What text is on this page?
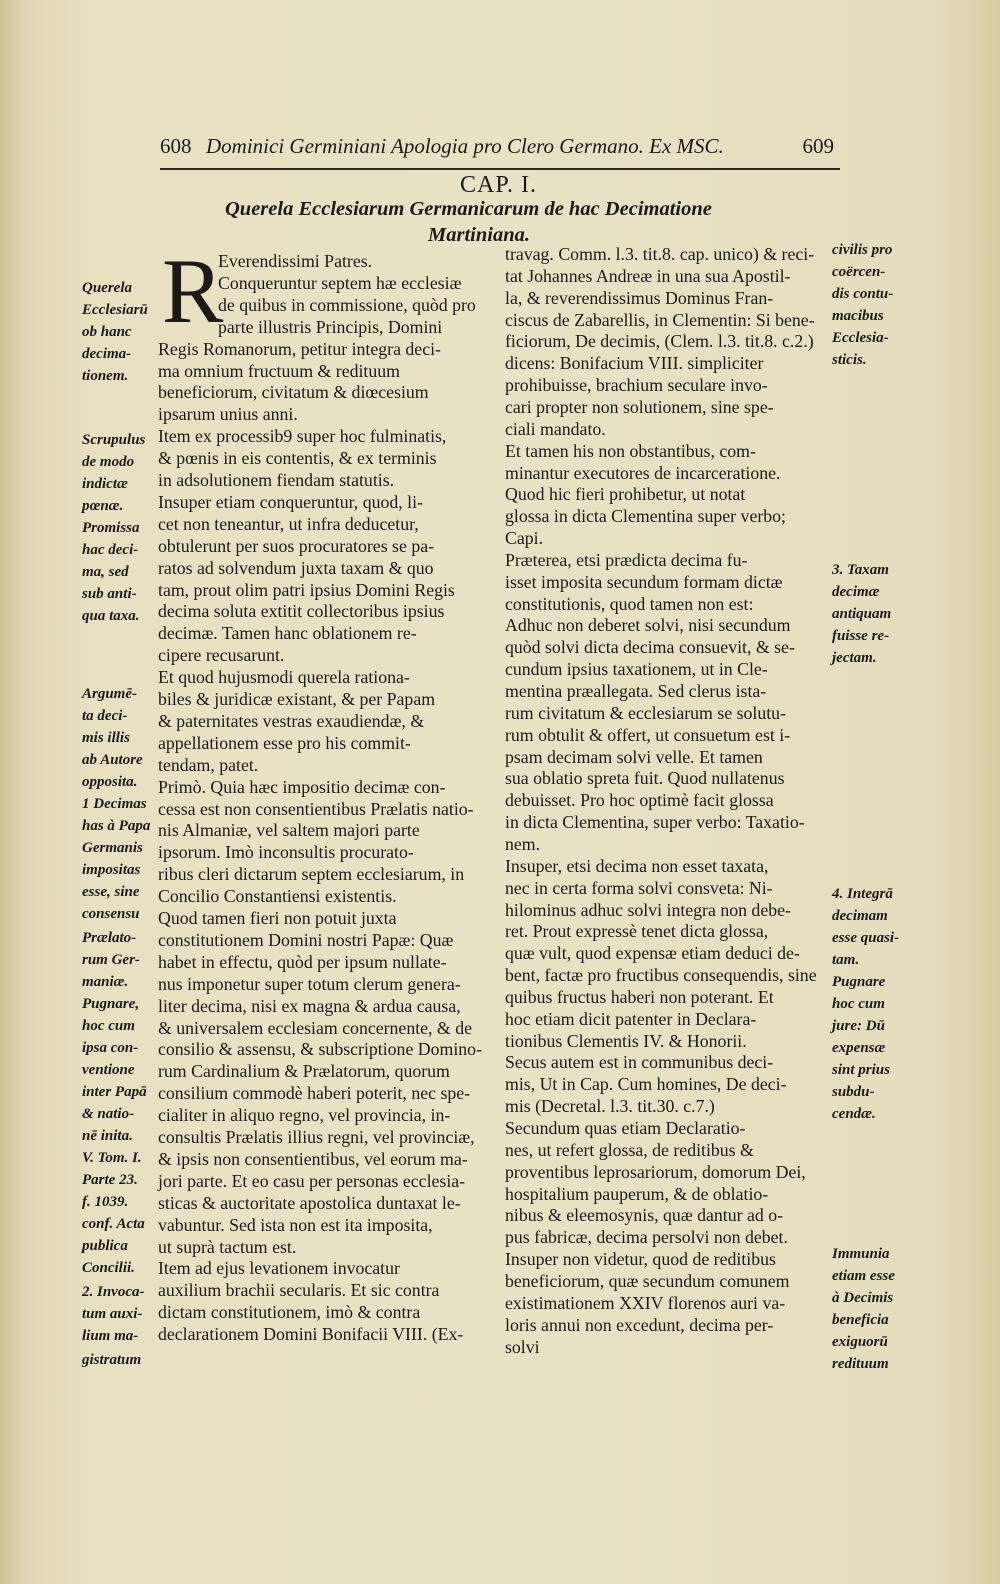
608 Dominici Germiniani Apologia pro Clero Germano. Ex MSC.	609
CAP. I.
Querela Ecclesiarum Germanicarum de hac Decimatione
Martiniana.
R
Everendissimi Patres.
Conqueruntur septem hæ ecclesiæ
de quibus in commissione, quòd pro
parte illustris Principis, Domini
Regis Romanorum, petitur integra deci-
ma omnium fructuum & redituum
beneficiorum, civitatum & diœcesium
ipsarum unius anni.
Item ex processib9 super hoc fulminatis,
& pœnis in eis contentis, & ex terminis
in adsolutionem fiendam statutis.
Insuper etiam conqueruntur, quod, li-
cet non teneantur, ut infra deducetur,
obtulerunt per suos procuratores se pa-
ratos ad solvendum juxta taxam & quo
tam, prout olim patri ipsius Domini Regis
decima soluta extitit collectoribus ipsius
decimæ. Tamen hanc oblationem re-
cipere recusarunt.
Et quod hujusmodi querela rationa-
biles & juridicæ existant, & per Papam
& paternitates vestras exaudiendæ, &
appellationem esse pro his commit-
tendam, patet.
Primò. Quia hæc impositio decimæ con-
cessa est non consentientibus Prælatis natio-
nis Almaniæ, vel saltem majori parte
ipsorum. Imò inconsultis procurato-
ribus cleri dictarum septem ecclesiarum, in
Concilio Constantiensi existentis.
Quod tamen fieri non potuit juxta
constitutionem Domini nostri Papæ: Quæ
habet in effectu, quòd per ipsum nullate-
nus imponetur super totum clerum genera-
liter decima, nisi ex magna & ardua causa,
& universalem ecclesiam concernente, & de
consilio & assensu, & subscriptione Domino-
rum Cardinalium & Prælatorum, quorum
consilium commodè haberi poterit, nec spe-
cialiter in aliquo regno, vel provincia, in-
consultis Prælatis illius regni, vel provinciæ,
& ipsis non consentientibus, vel eorum ma-
jori parte. Et eo casu per personas ecclesia-
sticas & auctoritate apostolica duntaxat le-
vabuntur. Sed ista non est ita imposita,
ut suprà tactum est.
Item ad ejus levationem invocatur
auxilium brachii secularis. Et sic contra
dictam constitutionem, imò & contra
declarationem Domini Bonifacii VIII. (Ex-
travag. Comm. l.3. tit.8. cap. unico) & reci-
tat Johannes Andreæ in una sua Apostil-
la, & reverendissimus Dominus Fran-
ciscus de Zabarellis, in Clementin: Si bene-
ficiorum, De decimis, (Clem. l.3. tit.8. c.2.)
dicens: Bonifacium VIII. simpliciter
prohibuisse, brachium seculare invo-
cari propter non solutionem, sine spe-
ciali mandato.
Et tamen his non obstantibus, com-
minantur executores de incarceratione.
Quod hic fieri prohibetur, ut notat
glossa in dicta Clementina super verbo;
Capi.
Præterea, etsi prædicta decima fu-
isset imposita secundum formam dictæ
constitutionis, quod tamen non est:
Adhuc non deberet solvi, nisi secundum
quòd solvi dicta decima consuevit, & se-
cundum ipsius taxationem, ut in Cle-
mentina præallegata. Sed clerus ista-
rum civitatum & ecclesiarum se solutu-
rum obtulit & offert, ut consuetum est i-
psam decimam solvi velle. Et tamen
sua oblatio spreta fuit. Quod nullatenus
debuisset. Pro hoc optimè facit glossa
in dicta Clementina, super verbo: Taxatio-
nem.
Insuper, etsi decima non esset taxata,
nec in certa forma solvi consveta: Ni-
hilominus adhuc solvi integra non debe-
ret. Prout expressè tenet dicta glossa,
quæ vult, quod expensæ etiam deduci de-
bent, factæ pro fructibus consequendis, sine
quibus fructus haberi non poterant. Et
hoc etiam dicit patenter in Declara-
tionibus Clementis IV. & Honorii.
Secus autem est in communibus deci-
mis, Ut in Cap. Cum homines, De deci-
mis (Decretal. l.3. tit.30. c.7.)
Secundum quas etiam Declaratio-
nes, ut refert glossa, de reditibus &
proventibus leprosariorum, domorum Dei,
hospitalium pauperum, & de oblatio-
nibus & eleemosynis, quæ dantur ad o-
pus fabricæ, decima persolvi non debet.
Insuper non videtur, quod de reditibus
beneficiorum, quæ secundum comunem
existimationem XXIV florenos auri va-
loris annui non excedunt, decima per-
solvi
Querela
Ecclesiarū
ob hanc
decima-
tionem.
Scrupulus
de modo
indictæ
pœnæ.
Promissa
hac deci-
ma, sed
sub anti-
qua taxa.
Argumē-
ta deci-
mis illis
ab Autore
opposita.
1 Decimas
has à Papa
Germanis
impositas
esse, sine
consensu
Prælato-
rum Ger-
maniæ.
Pugnare,
hoc cum
ipsa con-
ventione
inter Papā
& natio-
nē inita.
V. Tom. I.
Parte 23.
f. 1039.
conf. Acta
publica
Concilii.
2. Invoca-
tum auxi-
lium ma-
gistratum
civilis pro
coërcen-
dis contu-
macibus
Ecclesia-
sticis.
3. Taxam
decimæ
antiquam
fuisse re-
jectam.
4. Integrā
decimam
esse quasi-
tam.
Pugnare
hoc cum
jure: Dū
expensæ
sint prius
subdu-
cendæ.
Immunia
etiam esse
à Decimis
beneficia
exiguorū
redituum
